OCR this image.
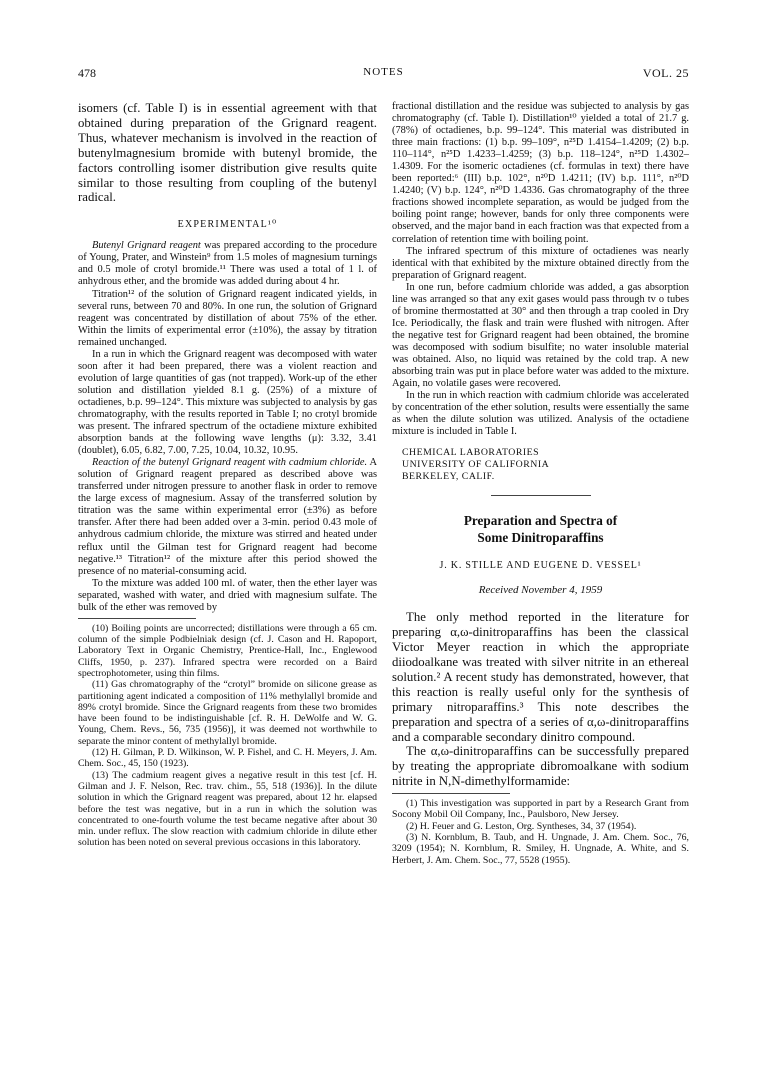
478	NOTES	VOL. 25

isomers (cf. Table I) is in essential agreement with that obtained during preparation of the Grignard reagent. Thus, whatever mechanism is involved in the reaction of butenylmagnesium bromide with butenyl bromide, the factors controlling isomer distribution give results quite similar to those resulting from coupling of the butenyl radical.

EXPERIMENTAL¹⁰

Butenyl Grignard reagent was prepared according to the procedure of Young, Prater, and Winstein⁹ from 1.5 moles of magnesium turnings and 0.5 mole of crotyl bromide.¹¹ There was used a total of 1 l. of anhydrous ether, and the bromide was added during about 4 hr.

Titration¹² of the solution of Grignard reagent indicated yields, in several runs, between 70 and 80%. In one run, the solution of Grignard reagent was concentrated by distillation of about 75% of the ether. Within the limits of experimental error (±10%), the assay by titration remained unchanged.

In a run in which the Grignard reagent was decomposed with water soon after it had been prepared, there was a violent reaction and evolution of large quantities of gas (not trapped). Work-up of the ether solution and distillation yielded 8.1 g. (25%) of a mixture of octadienes, b.p. 99–124°. This mixture was subjected to analysis by gas chromatography, with the results reported in Table I; no crotyl bromide was present. The infrared spectrum of the octadiene mixture exhibited absorption bands at the following wave lengths (μ): 3.32, 3.41 (doublet), 6.05, 6.82, 7.00, 7.25, 10.04, 10.32, 10.95.

Reaction of the butenyl Grignard reagent with cadmium chloride. A solution of Grignard reagent prepared as described above was transferred under nitrogen pressure to another flask in order to remove the large excess of magnesium. Assay of the transferred solution by titration was the same within experimental error (±3%) as before transfer. After there had been added over a 3-min. period 0.43 mole of anhydrous cadmium chloride, the mixture was stirred and heated under reflux until the Gilman test for Grignard reagent had become negative.¹³ Titration¹² of the mixture after this period showed the presence of no material-consuming acid.

To the mixture was added 100 ml. of water, then the ether layer was separated, washed with water, and dried with magnesium sulfate. The bulk of the ether was removed by

(10) Boiling points are uncorrected; distillations were through a 65 cm. column of the simple Podbielniak design (cf. J. Cason and H. Rapoport, Laboratory Text in Organic Chemistry, Prentice-Hall, Inc., Englewood Cliffs, 1950, p. 237). Infrared spectra were recorded on a Baird spectrophotometer, using thin films.

(11) Gas chromatography of the “crotyl” bromide on silicone grease as partitioning agent indicated a composition of 11% methylallyl bromide and 89% crotyl bromide. Since the Grignard reagents from these two bromides have been found to be indistinguishable [cf. R. H. DeWolfe and W. G. Young, Chem. Revs., 56, 735 (1956)], it was deemed not worthwhile to separate the minor content of methylallyl bromide.

(12) H. Gilman, P. D. Wilkinson, W. P. Fishel, and C. H. Meyers, J. Am. Chem. Soc., 45, 150 (1923).

(13) The cadmium reagent gives a negative result in this test [cf. H. Gilman and J. F. Nelson, Rec. trav. chim., 55, 518 (1936)]. In the dilute solution in which the Grignard reagent was prepared, about 12 hr. elapsed before the test was negative, but in a run in which the solution was concentrated to one-fourth volume the test became negative after about 30 min. under reflux. The slow reaction with cadmium chloride in dilute ether solution has been noted on several previous occasions in this laboratory.

fractional distillation and the residue was subjected to analysis by gas chromatography (cf. Table I). Distillation¹⁰ yielded a total of 21.7 g. (78%) of octadienes, b.p. 99–124°. This material was distributed in three main fractions: (1) b.p. 99–109°, n²⁵D 1.4154–1.4209; (2) b.p. 110–114°, n²⁵D 1.4233–1.4259; (3) b.p. 118–124°, n²⁵D 1.4302–1.4309. For the isomeric octadienes (cf. formulas in text) there have been reported:⁶ (III) b.p. 102°, n²⁰D 1.4211; (IV) b.p. 111°, n²⁰D 1.4240; (V) b.p. 124°, n²⁰D 1.4336. Gas chromatography of the three fractions showed incomplete separation, as would be judged from the boiling point range; however, bands for only three components were observed, and the major band in each fraction was that expected from a correlation of retention time with boiling point.

The infrared spectrum of this mixture of octadienes was nearly identical with that exhibited by the mixture obtained directly from the preparation of Grignard reagent.

In one run, before cadmium chloride was added, a gas absorption line was arranged so that any exit gases would pass through tv o tubes of bromine thermostatted at 30° and then through a trap cooled in Dry Ice. Periodically, the flask and train were flushed with nitrogen. After the negative test for Grignard reagent had been obtained, the bromine was decomposed with sodium bisulfite; no water insoluble material was obtained. Also, no liquid was retained by the cold trap. A new absorbing train was put in place before water was added to the mixture. Again, no volatile gases were recovered.

In the run in which reaction with cadmium chloride was accelerated by concentration of the ether solution, results were essentially the same as when the dilute solution was utilized. Analysis of the octadiene mixture is included in Table I.

CHEMICAL LABORATORIES
UNIVERSITY OF CALIFORNIA
BERKELEY, CALIF.
Preparation and Spectra of
Some Dinitroparaffins
J. K. STILLE AND EUGENE D. VESSEL¹
Received November 4, 1959

The only method reported in the literature for preparing α,ω-dinitroparaffins has been the classical Victor Meyer reaction in which the appropriate diiodoalkane was treated with silver nitrite in an ethereal solution.² A recent study has demonstrated, however, that this reaction is really useful only for the synthesis of primary nitroparaffins.³ This note describes the preparation and spectra of a series of α,ω-dinitroparaffins and a comparable secondary dinitro compound.

The α,ω-dinitroparaffins can be successfully prepared by treating the appropriate dibromoalkane with sodium nitrite in N,N-dimethylformamide:

(1) This investigation was supported in part by a Research Grant from Socony Mobil Oil Company, Inc., Paulsboro, New Jersey.

(2) H. Feuer and G. Leston, Org. Syntheses, 34, 37 (1954).

(3) N. Kornblum, B. Taub, and H. Ungnade, J. Am. Chem. Soc., 76, 3209 (1954); N. Kornblum, R. Smiley, H. Ungnade, A. White, and S. Herbert, J. Am. Chem. Soc., 77, 5528 (1955).
